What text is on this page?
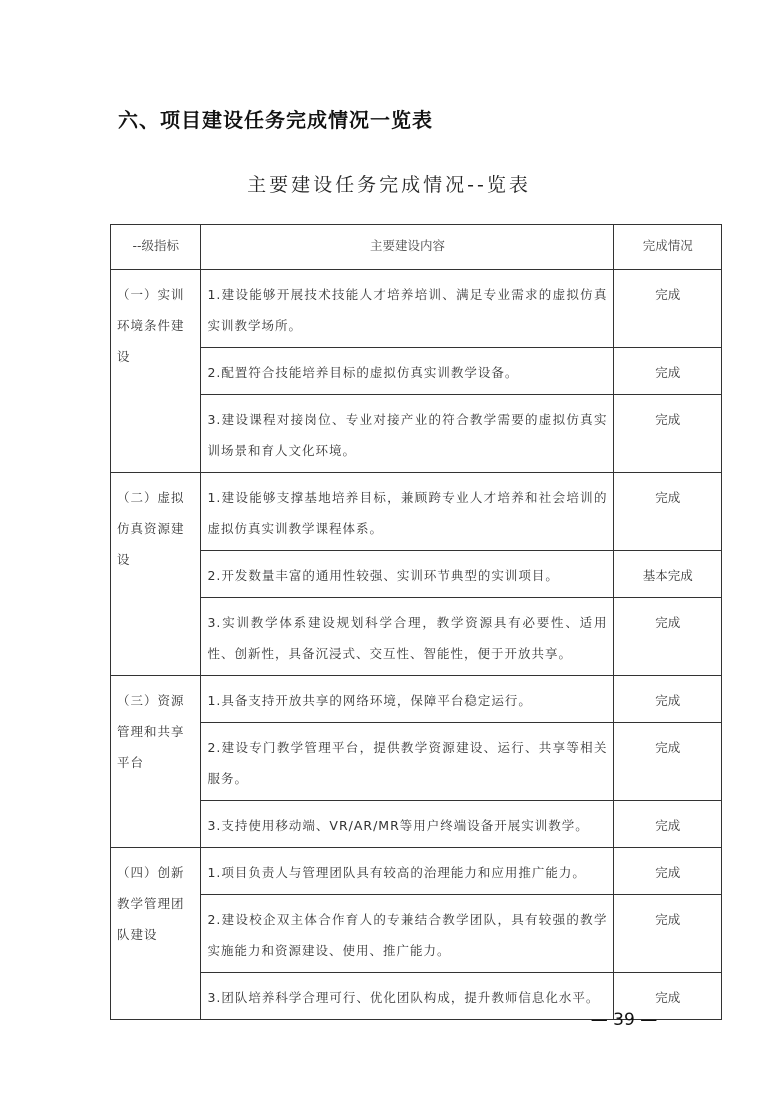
六、项目建设任务完成情况一览表
主要建设任务完成情况--览表
--级指标	主要建设内容	完成情况
（一）实训环境条件建设	1.建设能够开展技术技能人才培养培训、满足专业需求的虚拟仿真实训教学场所。	完成
	2.配置符合技能培养目标的虚拟仿真实训教学设备。	完成
	3.建设课程对接岗位、专业对接产业的符合教学需要的虚拟仿真实训场景和育人文化环境。	完成
（二）虚拟仿真资源建设	1.建设能够支撑基地培养目标，兼顾跨专业人才培养和社会培训的虚拟仿真实训教学课程体系。	完成
	2.开发数量丰富的通用性较强、实训环节典型的实训项目。	基本完成
	3.实训教学体系建设规划科学合理，教学资源具有必要性、适用性、创新性，具备沉浸式、交互性、智能性，便于开放共享。	完成
（三）资源管理和共享平台	1.具备支持开放共享的网络环境，保障平台稳定运行。	完成
	2.建设专门教学管理平台，提供教学资源建设、运行、共享等相关服务。	完成
	3.支持使用移动端、VR/AR/MR等用户终端设备开展实训教学。	完成
（四）创新教学管理团队建设	1.项目负责人与管理团队具有较高的治理能力和应用推广能力。	完成
	2.建设校企双主体合作育人的专兼结合教学团队，具有较强的教学实施能力和资源建设、使用、推广能力。	完成
	3.团队培养科学合理可行、优化团队构成，提升教师信息化水平。	完成
— 39 —
